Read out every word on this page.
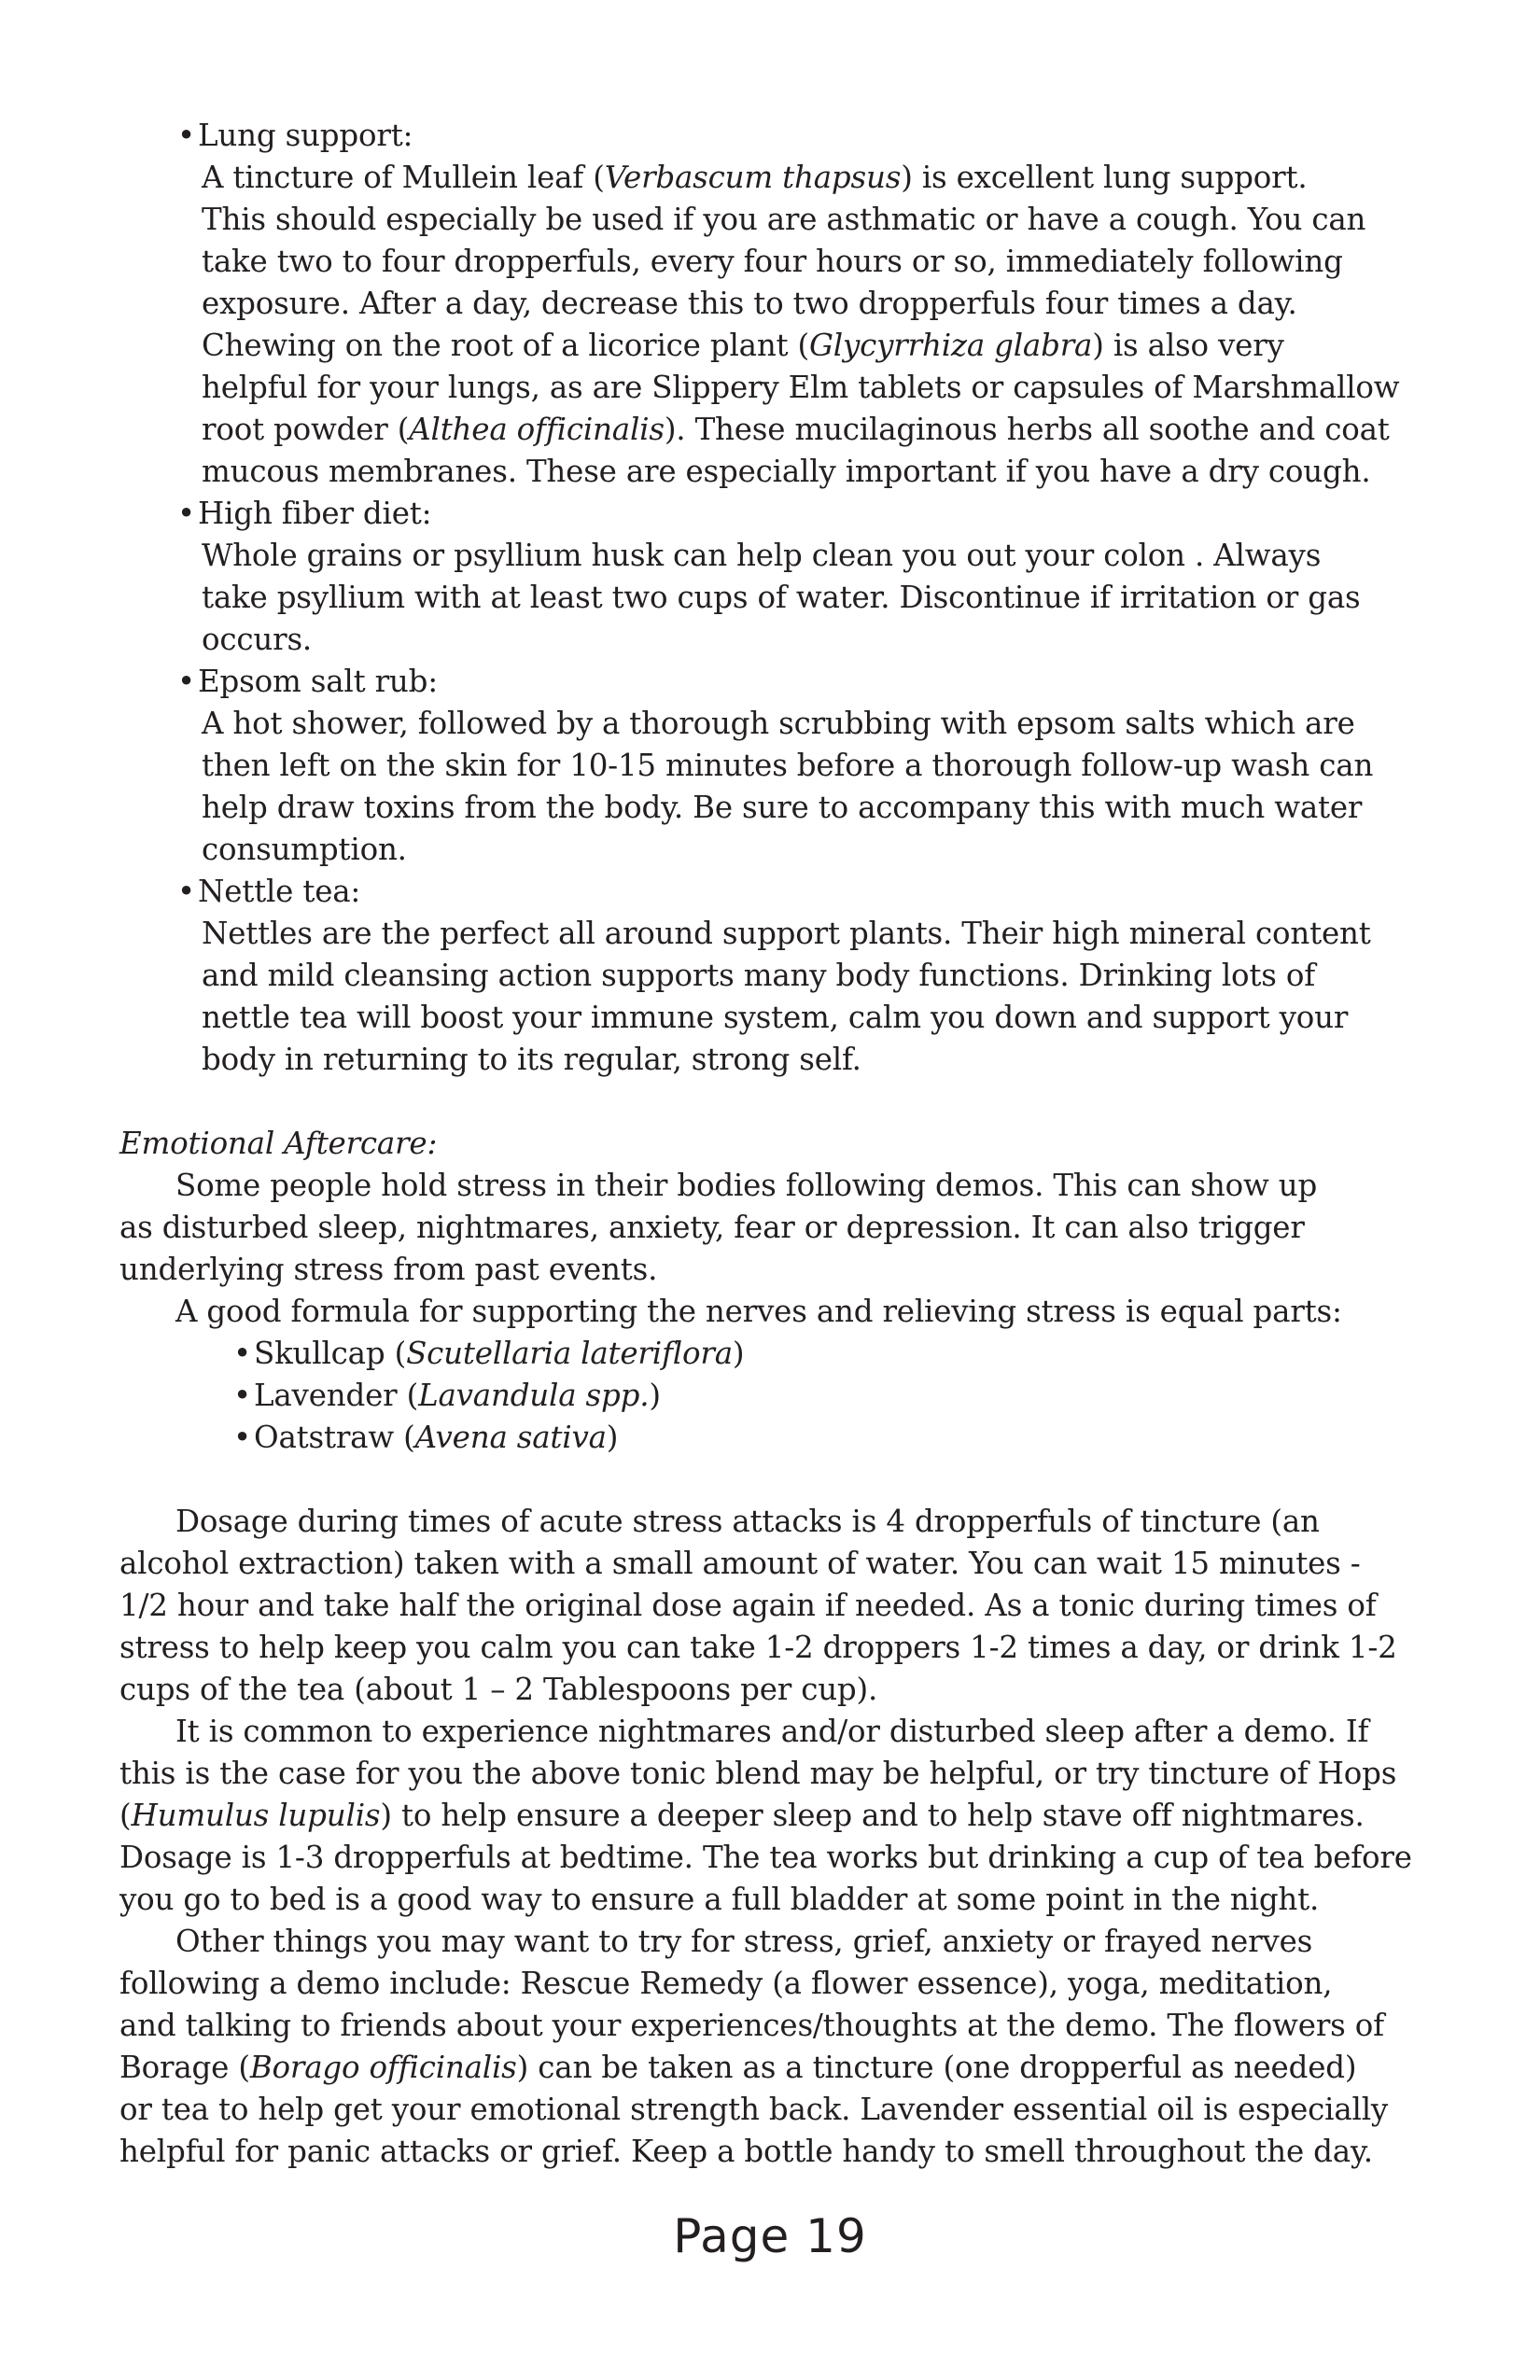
• Lung support:
A tincture of Mullein leaf (Verbascum thapsus) is excellent lung support.
This should especially be used if you are asthmatic or have a cough. You can
take two to four dropperfuls, every four hours or so, immediately following
exposure. After a day, decrease this to two dropperfuls four times a day.
Chewing on the root of a licorice plant (Glycyrrhiza glabra) is also very
helpful for your lungs, as are Slippery Elm tablets or capsules of Marshmallow
root powder (Althea officinalis). These mucilaginous herbs all soothe and coat
mucous membranes. These are especially important if you have a dry cough.
• High fiber diet:
Whole grains or psyllium husk can help clean you out your colon . Always
take psyllium with at least two cups of water. Discontinue if irritation or gas
occurs.
• Epsom salt rub:
A hot shower, followed by a thorough scrubbing with epsom salts which are
then left on the skin for 10-15 minutes before a thorough follow-up wash can
help draw toxins from the body. Be sure to accompany this with much water
consumption.
• Nettle tea:
Nettles are the perfect all around support plants. Their high mineral content
and mild cleansing action supports many body functions. Drinking lots of
nettle tea will boost your immune system, calm you down and support your
body in returning to its regular, strong self.
Emotional Aftercare:
Some people hold stress in their bodies following demos. This can show up
as disturbed sleep, nightmares, anxiety, fear or depression. It can also trigger
underlying stress from past events.
A good formula for supporting the nerves and relieving stress is equal parts:
• Skullcap (Scutellaria lateriflora)
• Lavender (Lavandula spp.)
• Oatstraw (Avena sativa)
Dosage during times of acute stress attacks is 4 dropperfuls of tincture (an
alcohol extraction) taken with a small amount of water. You can wait 15 minutes -
1/2 hour and take half the original dose again if needed. As a tonic during times of
stress to help keep you calm you can take 1-2 droppers 1-2 times a day, or drink 1-2
cups of the tea (about 1 – 2 Tablespoons per cup).
It is common to experience nightmares and/or disturbed sleep after a demo. If
this is the case for you the above tonic blend may be helpful, or try tincture of Hops
(Humulus lupulis) to help ensure a deeper sleep and to help stave off nightmares.
Dosage is 1-3 dropperfuls at bedtime. The tea works but drinking a cup of tea before
you go to bed is a good way to ensure a full bladder at some point in the night.
Other things you may want to try for stress, grief, anxiety or frayed nerves
following a demo include: Rescue Remedy (a flower essence), yoga, meditation,
and talking to friends about your experiences/thoughts at the demo. The flowers of
Borage (Borago officinalis) can be taken as a tincture (one dropperful as needed)
or tea to help get your emotional strength back. Lavender essential oil is especially
helpful for panic attacks or grief. Keep a bottle handy to smell throughout the day.
Page 19
